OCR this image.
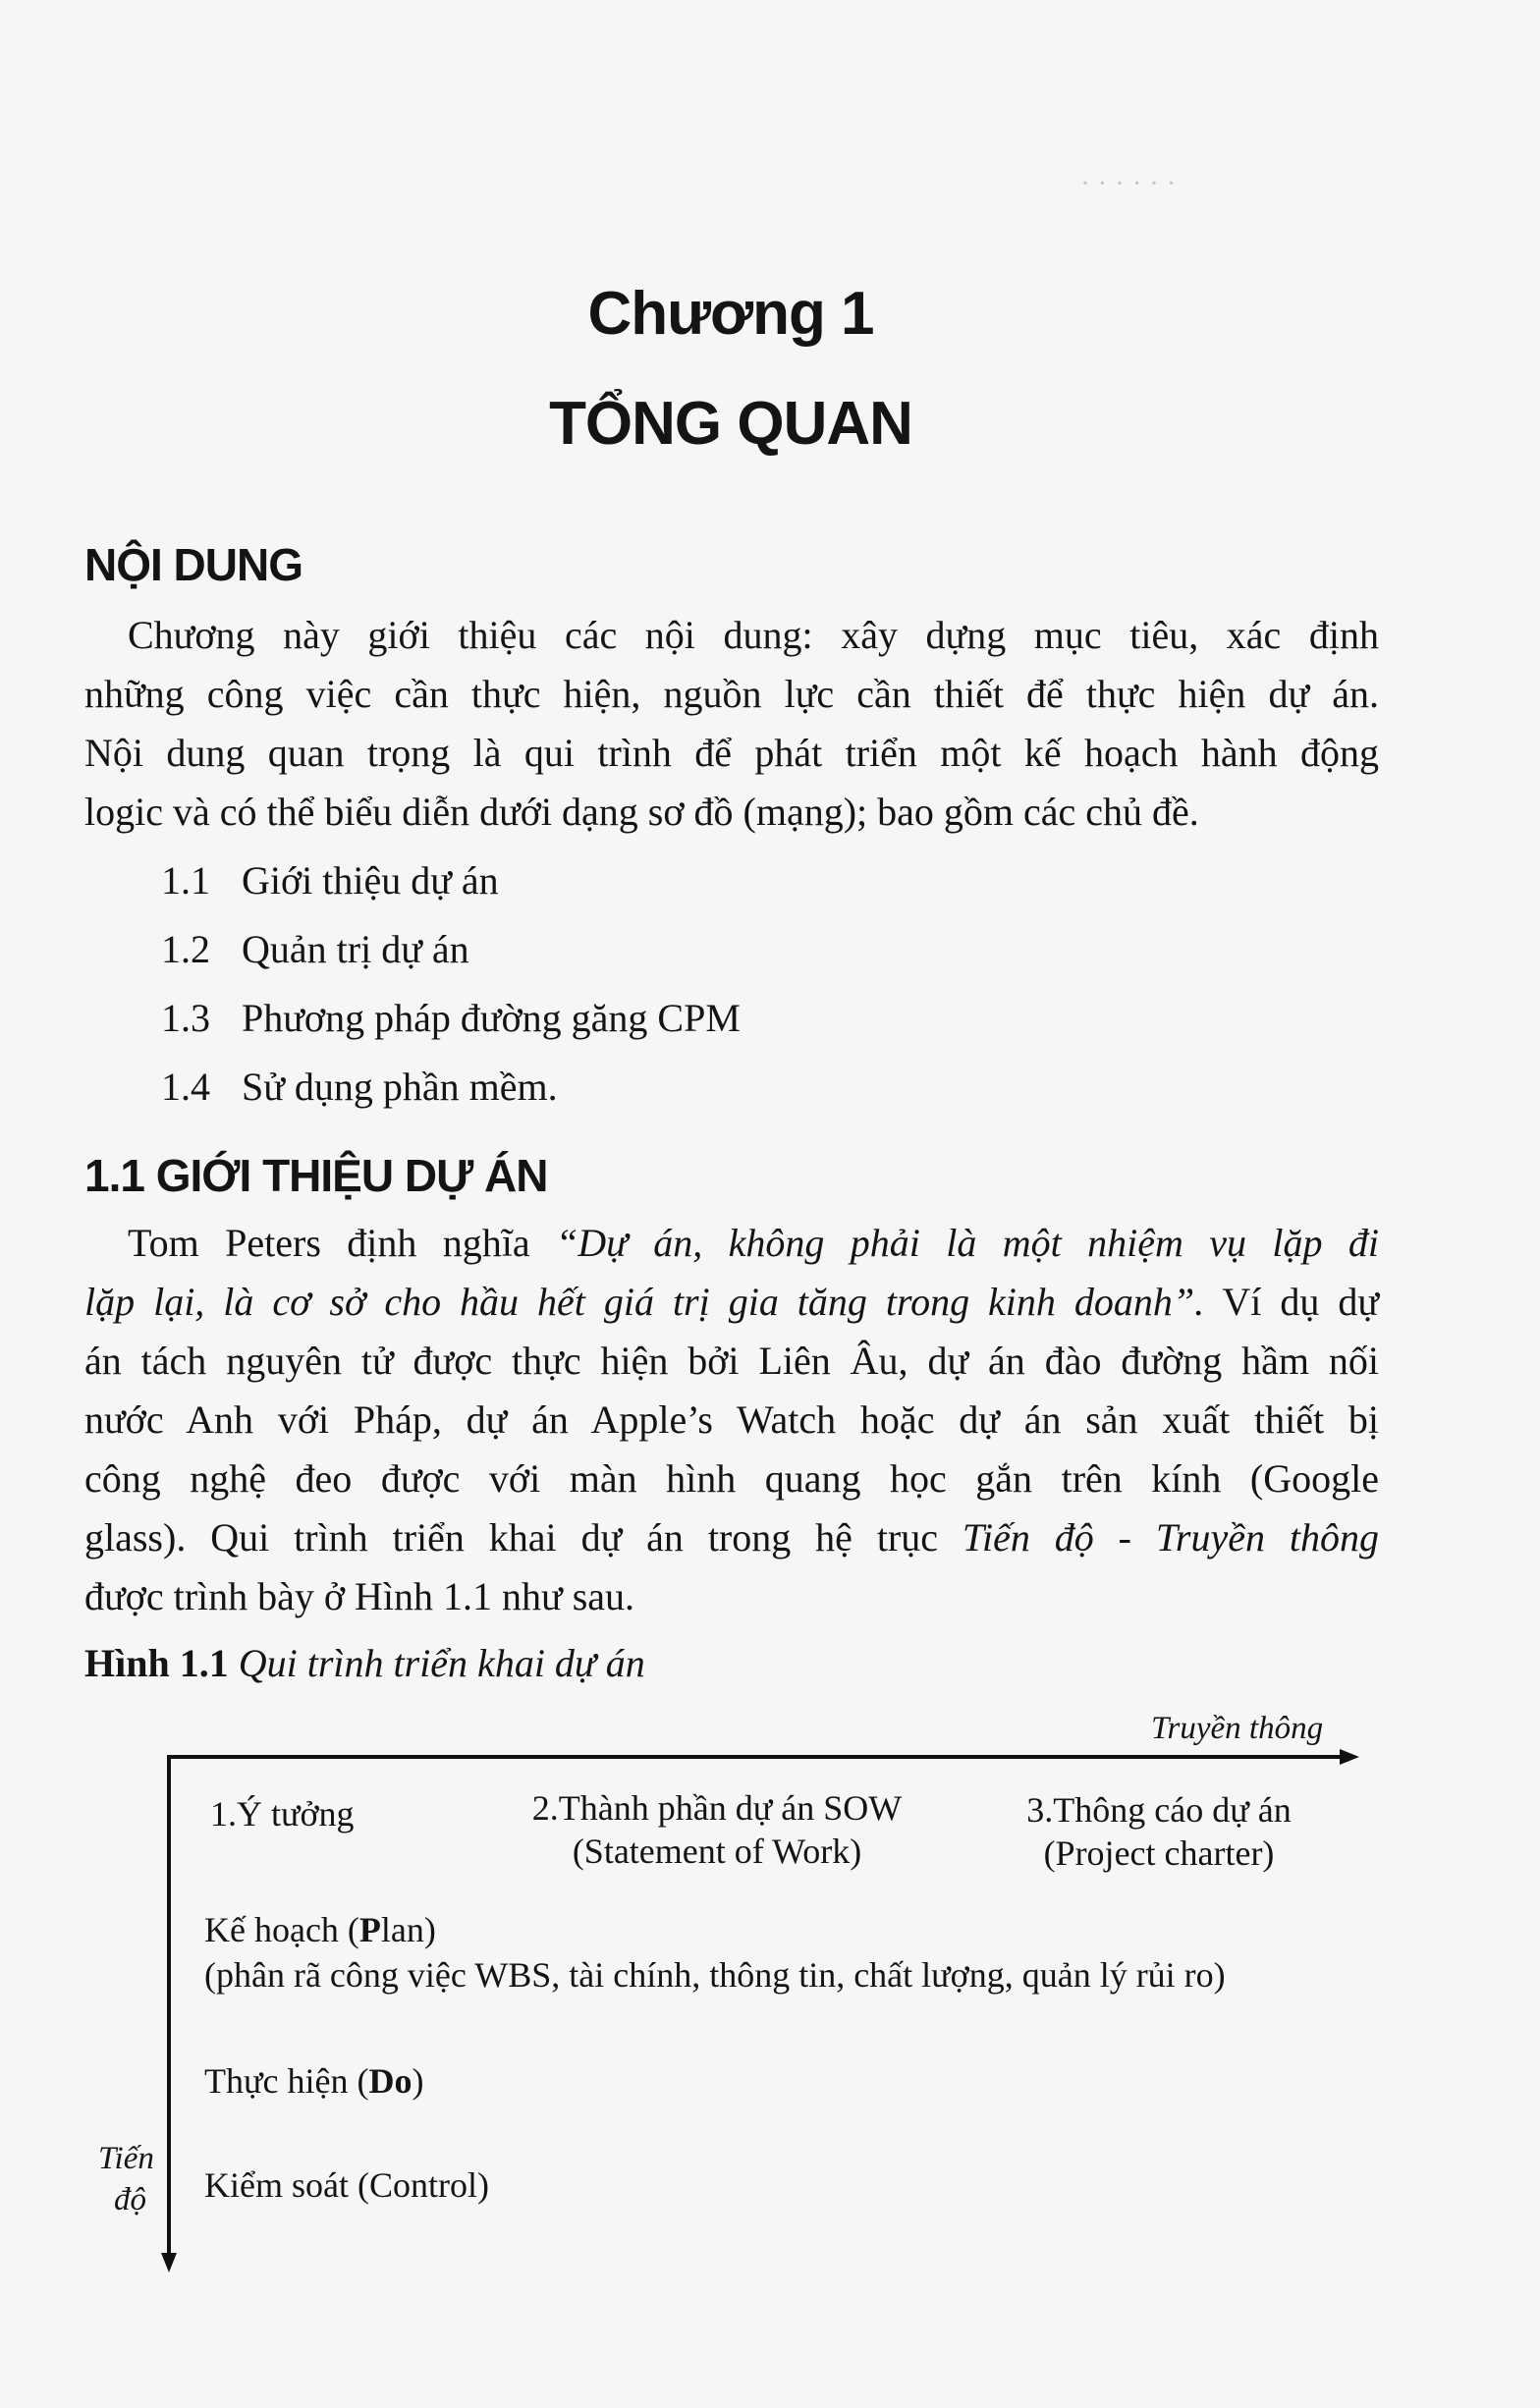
· · · · · ·
Chương 1
TỔNG QUAN
NỘI DUNG
Chương này giới thiệu các nội dung: xây dựng mục tiêu, xác định
những công việc cần thực hiện, nguồn lực cần thiết để thực hiện dự án.
Nội dung quan trọng là qui trình để phát triển một kế hoạch hành động
logic và có thể biểu diễn dưới dạng sơ đồ (mạng); bao gồm các chủ đề.
1.1 Giới thiệu dự án
1.2 Quản trị dự án
1.3 Phương pháp đường găng CPM
1.4 Sử dụng phần mềm.
1.1 GIỚI THIỆU DỰ ÁN
Tom Peters định nghĩa “Dự án, không phải là một nhiệm vụ lặp đi
lặp lại, là cơ sở cho hầu hết giá trị gia tăng trong kinh doanh”. Ví dụ dự
án tách nguyên tử được thực hiện bởi Liên Âu, dự án đào đường hầm nối
nước Anh với Pháp, dự án Apple’s Watch hoặc dự án sản xuất thiết bị
công nghệ đeo được với màn hình quang học gắn trên kính (Google
glass). Qui trình triển khai dự án trong hệ trục Tiến độ - Truyền thông
được trình bày ở Hình 1.1 như sau.
Hình 1.1 Qui trình triển khai dự án
Truyền thông
Tiến
độ
1.Ý tưởng	2.Thành phần dự án SOW
(Statement of Work)
3.Thông cáo dự án
(Project charter)
Kế hoạch (Plan)
(phân rã công việc WBS, tài chính, thông tin, chất lượng, quản lý rủi ro)
Thực hiện (Do)
Kiểm soát (Control)
